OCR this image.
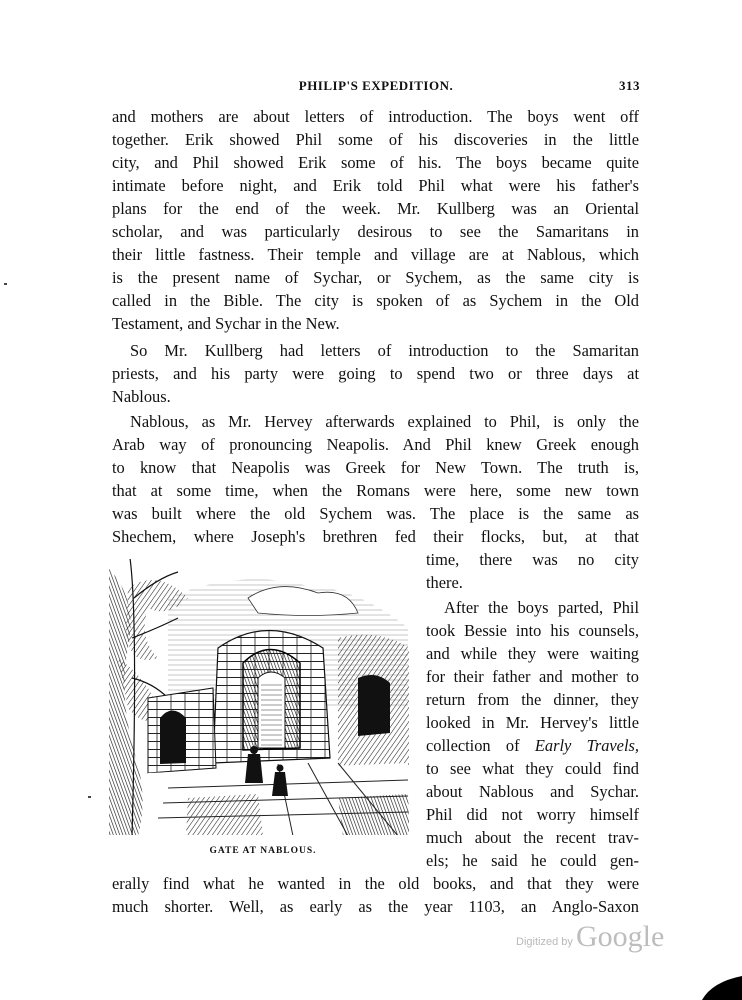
PHILIP'S EXPEDITION.	313
and mothers are about letters of introduction. The boys went off
together. Erik showed Phil some of his discoveries in the little
city, and Phil showed Erik some of his. The boys became quite
intimate before night, and Erik told Phil what were his father's
plans for the end of the week. Mr. Kullberg was an Oriental
scholar, and was particularly desirous to see the Samaritans in
their little fastness. Their temple and village are at Nablous, which
is the present name of Sychar, or Sychem, as the same city is
called in the Bible. The city is spoken of as Sychem in the Old
Testament, and Sychar in the New.
So Mr. Kullberg had letters of introduction to the Samaritan
priests, and his party were going to spend two or three days at
Nablous.
Nablous, as Mr. Hervey afterwards explained to Phil, is only the
Arab way of pronouncing Neapolis. And Phil knew Greek enough
to know that Neapolis was Greek for New Town. The truth is,
that at some time, when the Romans were here, some new town
was built where the old Sychem was. The place is the same as
Shechem, where Joseph's brethren fed their flocks, but, at that
time, there was no city
there.
After the boys parted, Phil
took Bessie into his counsels,
and while they were waiting
for their father and mother to
return from the dinner, they
looked in Mr. Hervey's little
collection of Early Travels,
to see what they could find
about Nablous and Sychar.
Phil did not worry himself
much about the recent trav-
els; he said he could gen-
erally find what he wanted in the old books, and that they were
much shorter. Well, as early as the year 1103, an Anglo-Saxon
GATE AT NABLOUS.
Digitized by Google
